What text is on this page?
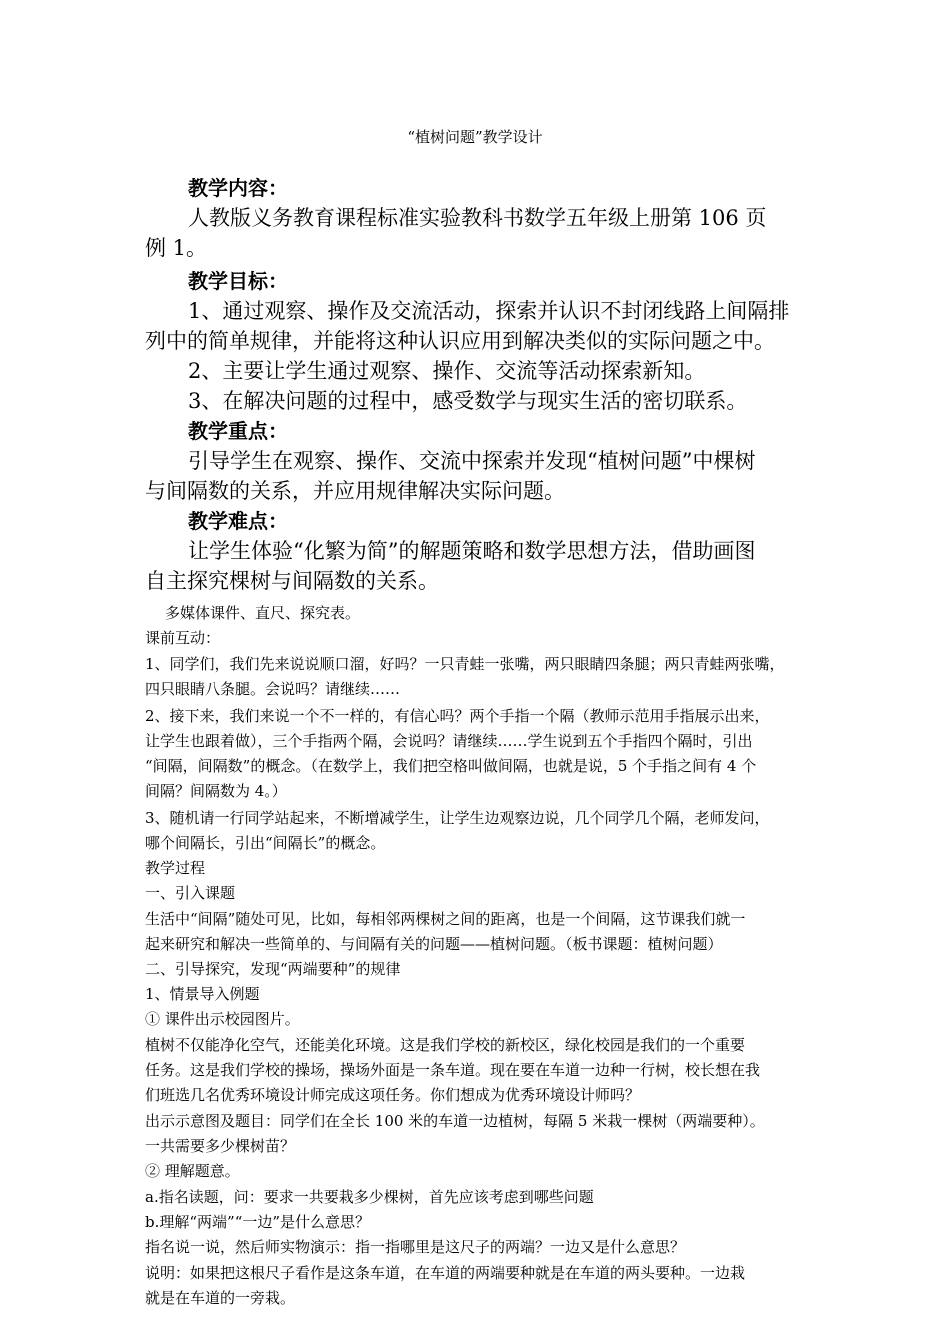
“植树问题”教学设计
教学内容：
人教版义务教育课程标准实验教科书数学五年级上册第 106 页
例 1。
教学目标：
1、通过观察、操作及交流活动，探索并认识不封闭线路上间隔排
列中的简单规律，并能将这种认识应用到解决类似的实际问题之中。
2、主要让学生通过观察、操作、交流等活动探索新知。
3、在解决问题的过程中，感受数学与现实生活的密切联系。
教学重点：
引导学生在观察、操作、交流中探索并发现“植树问题”中棵树
与间隔数的关系，并应用规律解决实际问题。
教学难点：
让学生体验“化繁为简”的解题策略和数学思想方法，借助画图
自主探究棵树与间隔数的关系。
多媒体课件、直尺、探究表。
课前互动：
1、同学们，我们先来说说顺口溜，好吗？一只青蛙一张嘴，两只眼睛四条腿；两只青蛙两张嘴，
四只眼睛八条腿。会说吗？请继续……
2、接下来，我们来说一个不一样的，有信心吗？两个手指一个隔（教师示范用手指展示出来，
让学生也跟着做），三个手指两个隔，会说吗？请继续……学生说到五个手指四个隔时，引出
“间隔，间隔数”的概念。（在数学上，我们把空格叫做间隔，也就是说，5 个手指之间有 4 个
间隔？间隔数为 4。）
3、随机请一行同学站起来，不断增减学生，让学生边观察边说，几个同学几个隔，老师发问，
哪个间隔长，引出“间隔长”的概念。
教学过程
一、引入课题
生活中“间隔”随处可见，比如，每相邻两棵树之间的距离，也是一个间隔，这节课我们就一
起来研究和解决一些简单的、与间隔有关的问题——植树问题。（板书课题：植树问题）
二、引导探究，发现“两端要种”的规律
1、情景导入例题
① 课件出示校园图片。
植树不仅能净化空气，还能美化环境。这是我们学校的新校区，绿化校园是我们的一个重要
任务。这是我们学校的操场，操场外面是一条车道。现在要在车道一边种一行树，校长想在我
们班选几名优秀环境设计师完成这项任务。你们想成为优秀环境设计师吗？
出示示意图及题目：同学们在全长 100 米的车道一边植树，每隔 5 米栽一棵树（两端要种）。
一共需要多少棵树苗？
② 理解题意。
a.指名读题，问：要求一共要栽多少棵树，首先应该考虑到哪些问题
b.理解“两端”“一边”是什么意思？
指名说一说，然后师实物演示：指一指哪里是这尺子的两端？一边又是什么意思？
说明：如果把这根尺子看作是这条车道，在车道的两端要种就是在车道的两头要种。一边栽
就是在车道的一旁栽。
